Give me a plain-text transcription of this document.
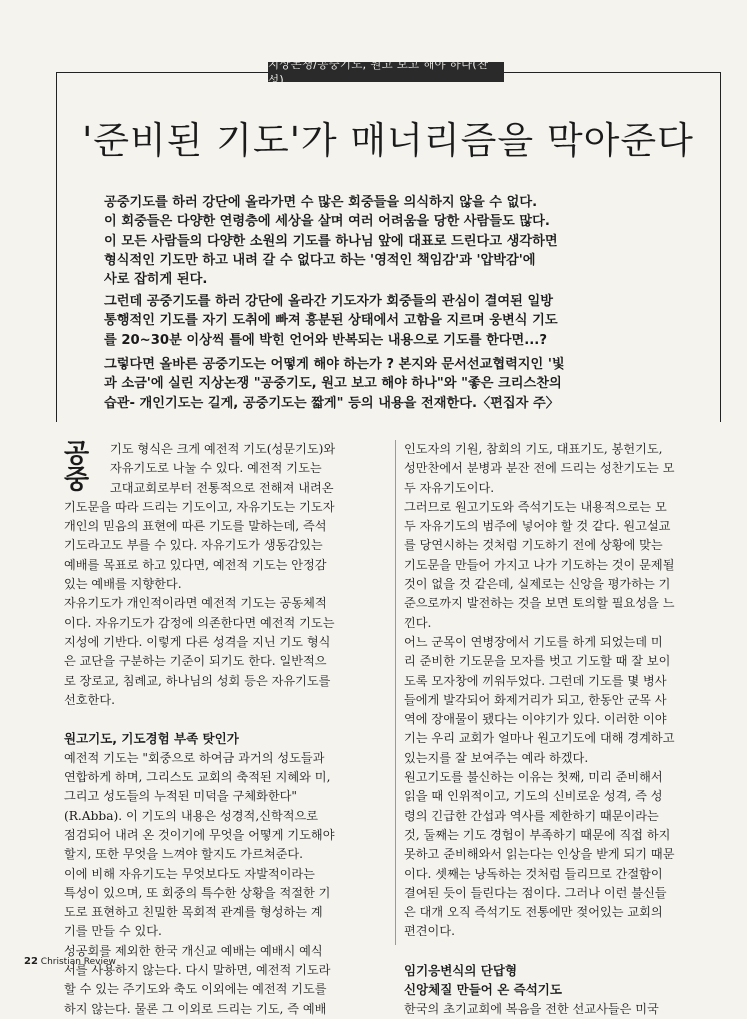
지상논쟁/공중기도, 원고 보고 해야 하나(찬성)
'준비된 기도'가 매너리즘을 막아준다
공중기도를 하러 강단에 올라가면 수 많은 회중들을 의식하지 않을 수 없다.
이 회중들은 다양한 연령층에 세상을 살며 여러 어려움을 당한 사람들도 많다.
이 모든 사람들의 다양한 소원의 기도를 하나님 앞에 대표로 드린다고 생각하면
형식적인 기도만 하고 내려 갈 수 없다고 하는 '영적인 책임감'과 '압박감'에
사로 잡히게 된다.
그런데 공중기도를 하러 강단에 올라간 기도자가 회중들의 관심이 결여된 일방
통행적인 기도를 자기 도취에 빠져 흥분된 상태에서 고함을 지르며 웅변식 기도
를 20~30분 이상씩 틀에 박힌 언어와 반복되는 내용으로 기도를 한다면...?
그렇다면 올바른 공중기도는 어떻게 해야 하는가 ? 본지와 문서선교협력지인 '빛
과 소금'에 실린 지상논쟁 "공중기도, 원고 보고 해야 하나"와 "좋은 크리스찬의
습관- 개인기도는 길게, 공중기도는 짧게" 등의 내용을 전재한다.〈편집자 주〉
공
중
기도 형식은 크게 예전적 기도(성문기도)와
자유기도로 나눌 수 있다. 예전적 기도는
고대교회로부터 전통적으로 전해져 내려온
기도문을 따라 드리는 기도이고, 자유기도는 기도자
개인의 믿음의 표현에 따른 기도를 말하는데, 즉석
기도라고도 부를 수 있다. 자유기도가 생동감있는
예배를 목표로 하고 있다면, 예전적 기도는 안정감
있는 예배를 지향한다.
자유기도가 개인적이라면 예전적 기도는 공동체적
이다. 자유기도가 감정에 의존한다면 예전적 기도는
지성에 기반다. 이렇게 다른 성격을 지닌 기도 형식
은 교단을 구분하는 기준이 되기도 한다. 일반적으
로 장로교, 침례교, 하나님의 성회 등은 자유기도를
선호한다.
원고기도, 기도경험 부족 탓인가
예전적 기도는 "회중으로 하여금 과거의 성도들과
연합하게 하며, 그리스도 교회의 축적된 지혜와 미,
그리고 성도들의 누적된 미덕을 구체화한다"
(R.Abba). 이 기도의 내용은 성경적,신학적으로
점검되어 내려 온 것이기에 무엇을 어떻게 기도해야
할지, 또한 무엇을 느껴야 할지도 가르쳐준다.
이에 비해 자유기도는 무엇보다도 자발적이라는
특성이 있으며, 또 회중의 특수한 상황을 적절한 기
도로 표현하고 친밀한 목회적 관계를 형성하는 계
기를 만들 수 있다.
성공회를 제외한 한국 개신교 예배는 예배시 예식
서를 사용하지 않는다. 다시 말하면, 예전적 기도라
할 수 있는 주기도와 축도 이외에는 예전적 기도를
하지 않는다. 물론 그 이외로 드리는 기도, 즉 예배
인도자의 기원, 참회의 기도, 대표기도, 봉헌기도,
성만찬에서 분병과 분잔 전에 드리는 성찬기도는 모
두 자유기도이다.
그러므로 원고기도와 즉석기도는 내용적으로는 모
두 자유기도의 범주에 넣어야 할 것 같다. 원고설교
를 당연시하는 것처럼 기도하기 전에 상황에 맞는
기도문을 만들어 가지고 나가 기도하는 것이 문제될
것이 없을 것 같은데, 실제로는 신앙을 평가하는 기
준으로까지 발전하는 것을 보면 토의할 필요성을 느
낀다.
어느 군목이 연병장에서 기도를 하게 되었는데 미
리 준비한 기도문을 모자를 벗고 기도할 때 잘 보이
도록 모자창에 끼워두었다. 그런데 기도를 몇 병사
들에게 발각되어 화제거리가 되고, 한동안 군목 사
역에 장애물이 됐다는 이야기가 있다. 이러한 이야
기는 우리 교회가 얼마나 원고기도에 대해 경계하고
있는지를 잘 보여주는 예라 하겠다.
원고기도를 불신하는 이유는 첫째, 미리 준비해서
읽을 때 인위적이고, 기도의 신비로운 성격, 즉 성
령의 긴급한 간섭과 역사를 제한하기 때문이라는
것, 둘째는 기도 경험이 부족하기 때문에 직접 하지
못하고 준비해와서 읽는다는 인상을 받게 되기 때문
이다. 셋째는 낭독하는 것처럼 들리므로 간절함이
결여된 듯이 들린다는 점이다. 그러나 이런 불신들
은 대개 오직 즉석기도 전통에만 젖어있는 교회의
편견이다.
임기응변식의 단답형
신앙체질 만들어 온 즉석기도
한국의 초기교회에 복음을 전한 선교사들은 미국
22 Christian Review
